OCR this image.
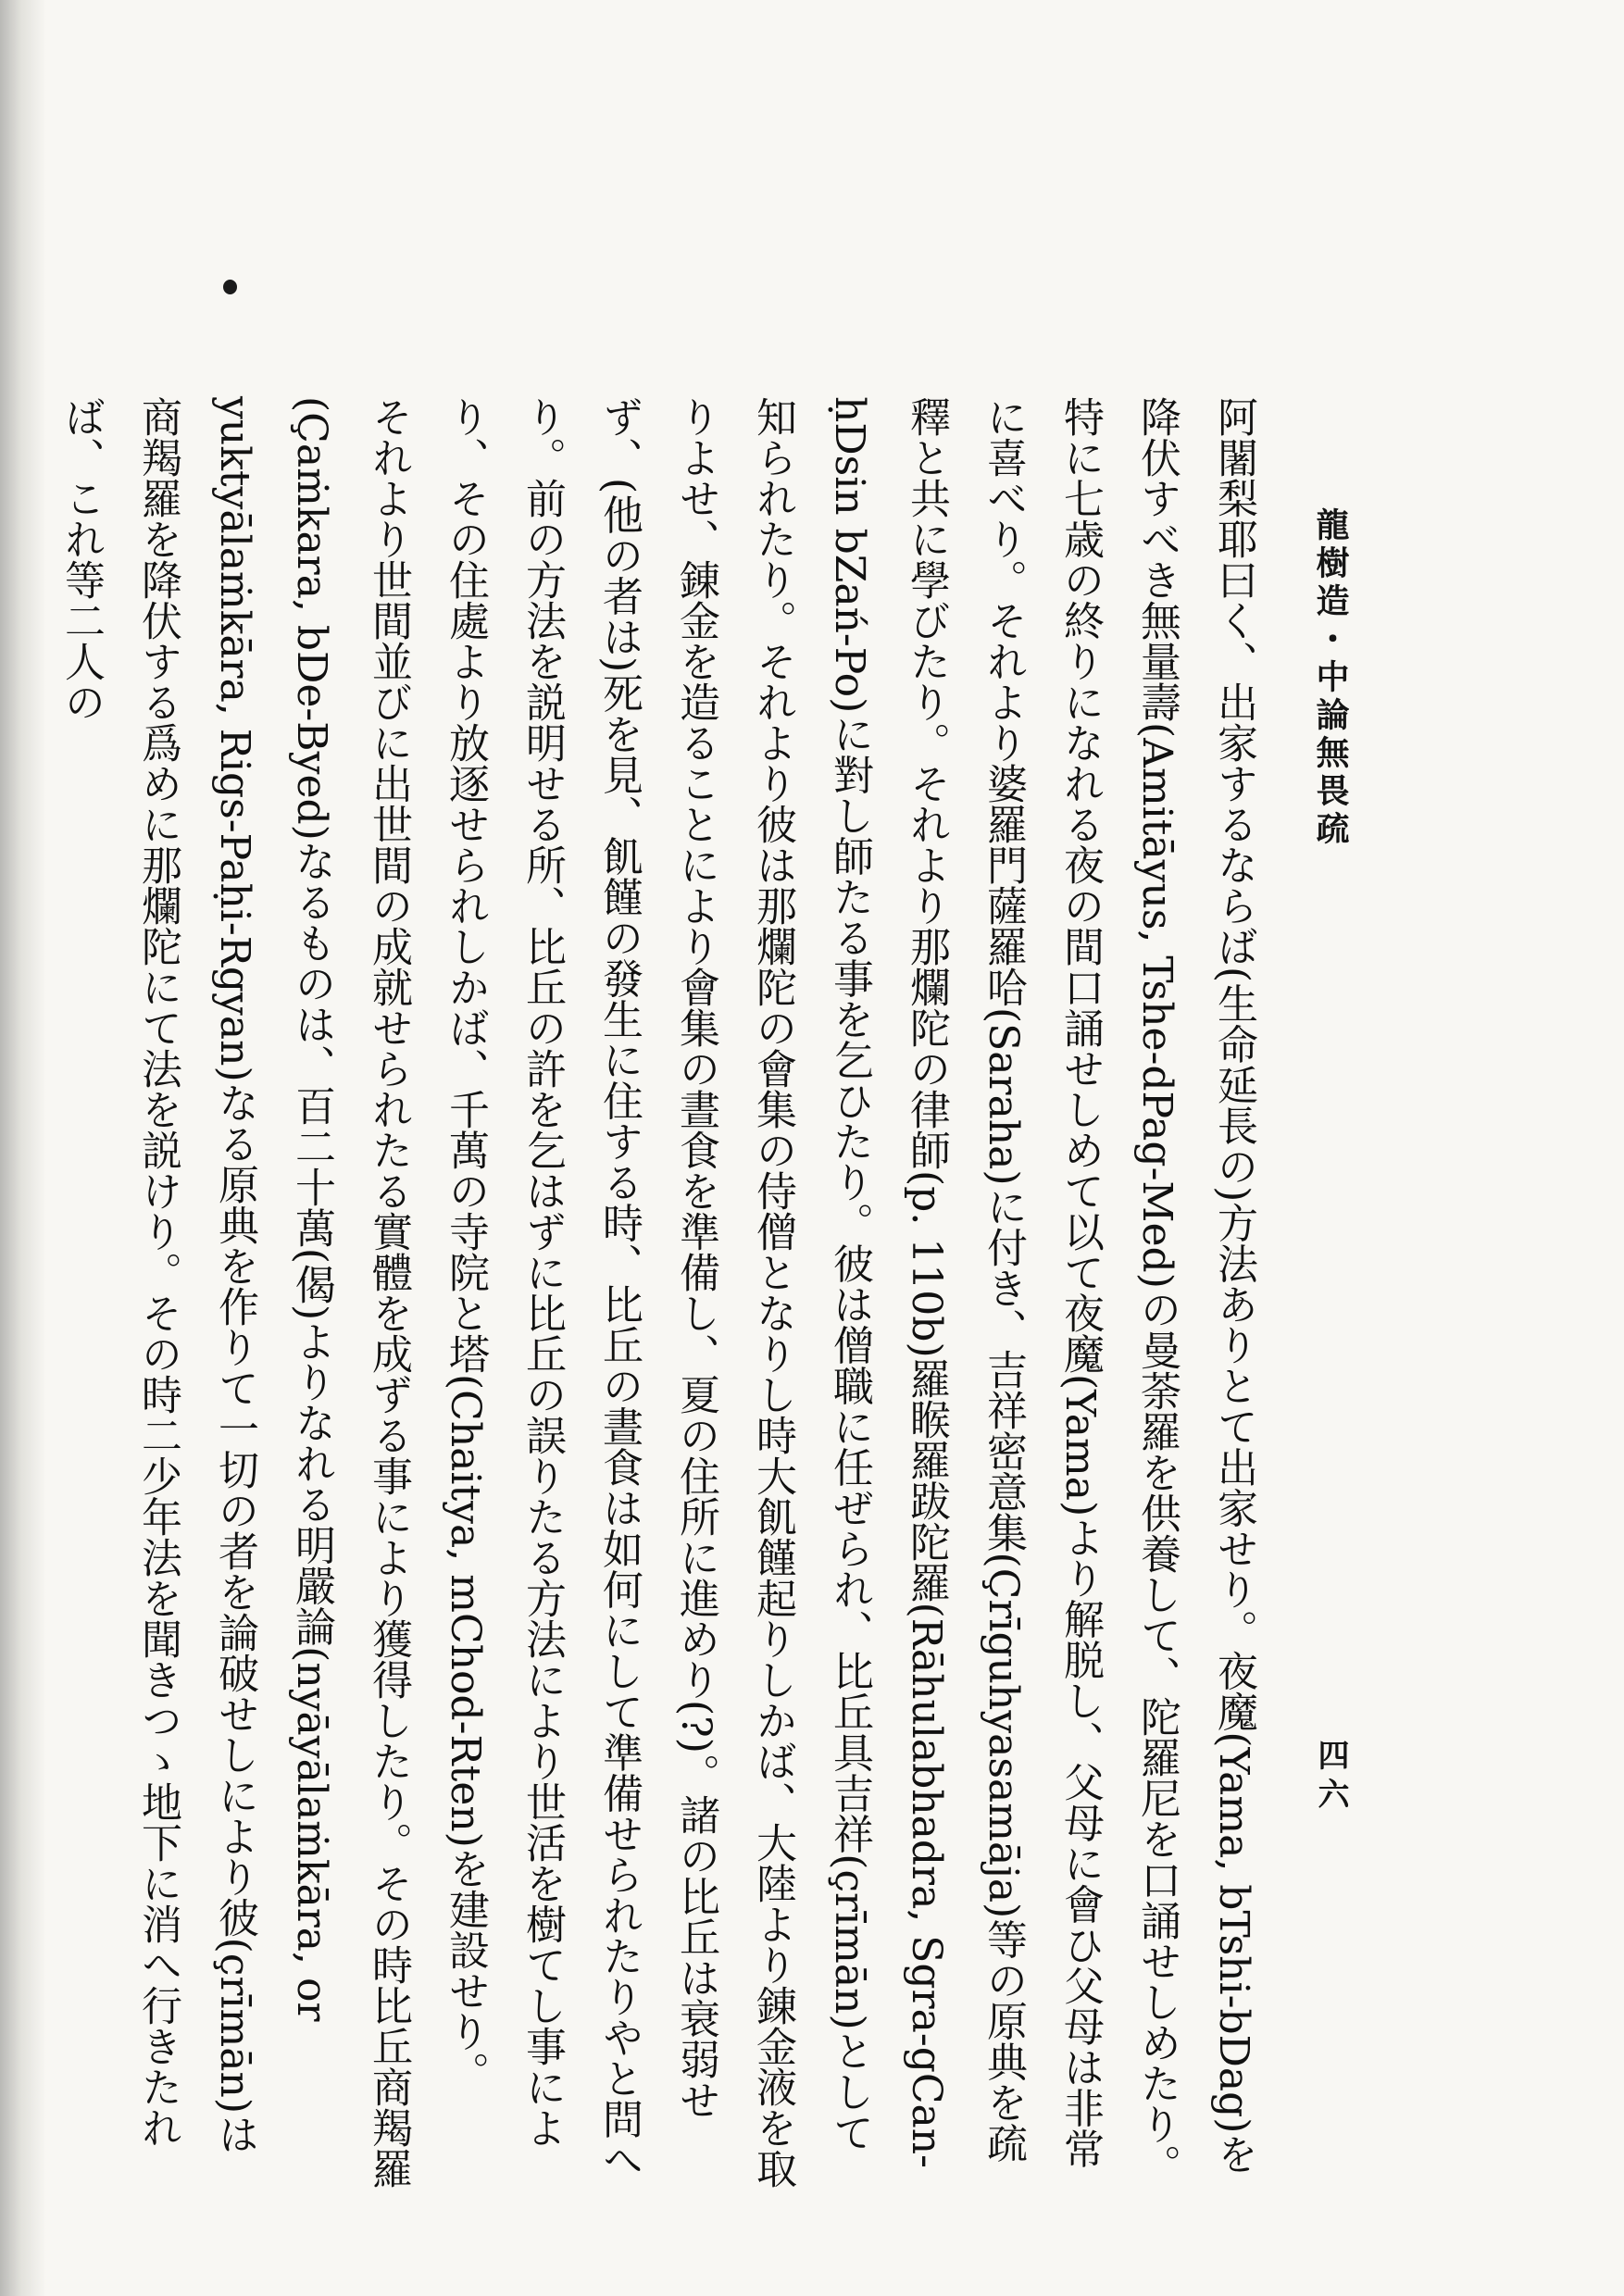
龍樹造・中論無畏疏
四六

阿闍梨耶曰く、出家するならば(生命延長の)方法ありとて出家せり。夜魔(Yama, bTshi-bDag)を降伏すべき無量壽(Amitāyus, Tshe-dPag-Med)の曼荼羅を供養して、陀羅尼を口誦せしめたり。特に七歳の終りになれる夜の間口誦せしめて以て夜魔(Yama)より解脱し、父母に會ひ父母は非常に喜べり。それより婆羅門薩羅哈(Saraha)に付き、吉祥密意集(Çrīguhyasamāja)等の原典を疏釋と共に學びたり。それより那爛陀の律師(p. 110b)羅睺羅跋陀羅(Rāhulabhadra, Sgra-gCan-ḥDsin bZań-Po)に對し師たる事を乞ひたり。彼は僧職に任ぜられ、比丘具吉祥(çrīmān)として知られたり。それより彼は那爛陀の會集の侍僧となりし時大飢饉起りしかば、大陸より錬金液を取りよせ、錬金を造ることにより會集の晝食を準備し、夏の住所に進めり(?)。諸の比丘は衰弱せず、(他の者は)死を見、飢饉の發生に住する時、比丘の晝食は如何にして準備せられたりやと問へり。前の方法を説明せる所、比丘の許を乞はずに比丘の誤りたる方法により世活を樹てし事により、その住處より放逐せられしかば、千萬の寺院と塔(Chaitya, mChod-Rten)を建設せり。

それより世間並びに出世間の成就せられたる實體を成ずる事により獲得したり。その時比丘商羯羅(Çaṁkara, bDe-Byed)なるものは、百二十萬(偈)よりなれる明嚴論(nyāyālaṁkāra, or yuktyālaṁkāra, Rigs-Paḥi-Rgyan)なる原典を作りて一切の者を論破せしにより彼(çrīmān)は商羯羅を降伏する爲めに那爛陀にて法を説けり。その時二少年法を聞きつゝ地下に消へ行きたれば、これ等二人の
